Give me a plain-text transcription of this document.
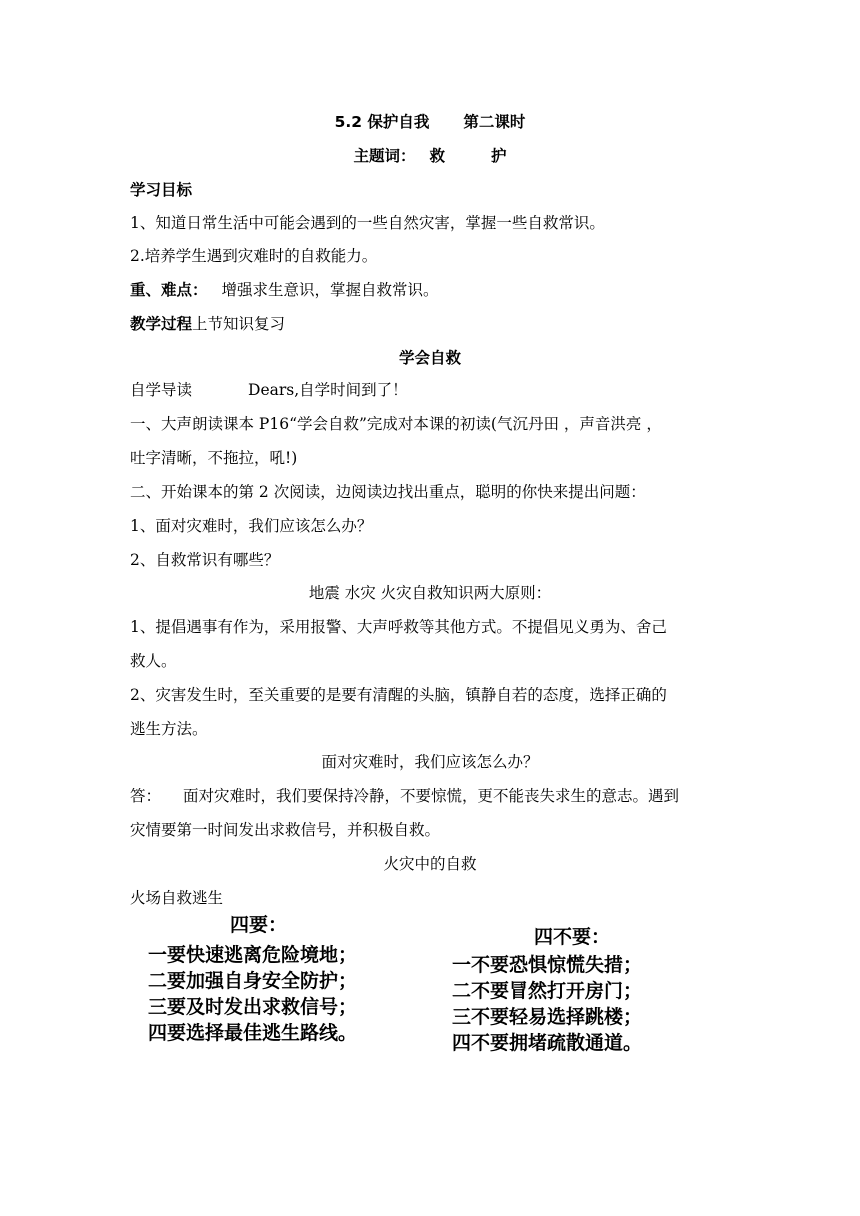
5.2 保护自我 第二课时
主题词： 救	护
学习目标
1、知道日常生活中可能会遇到的一些自然灾害，掌握一些自救常识。
2.培养学生遇到灾难时的自救能力。
重、难点： 增强求生意识，掌握自救常识。
教学过程上节知识复习
学会自救
自学导读	Dears,自学时间到了！
一、大声朗读课本 P16“学会自救”完成对本课的初读(气沉丹田 ，声音洪亮 ，
吐字清晰，不拖拉，吼!)
二、开始课本的第 2 次阅读，边阅读边找出重点，聪明的你快来提出问题：
1、面对灾难时，我们应该怎么办？
2、自救常识有哪些？
地震 水灾 火灾自救知识两大原则：
1、提倡遇事有作为，采用报警、大声呼救等其他方式。不提倡见义勇为、舍己
救人。
2、灾害发生时，至关重要的是要有清醒的头脑，镇静自若的态度，选择正确的
逃生方法。
面对灾难时，我们应该怎么办？
答： 面对灾难时，我们要保持冷静，不要惊慌，更不能丧失求生的意志。遇到
灾情要第一时间发出求救信号，并积极自救。
火灾中的自救
火场自救逃生
四要：
一要快速逃离危险境地；
二要加强自身安全防护；
三要及时发出求救信号；
四要选择最佳逃生路线。
四不要：
一不要恐惧惊慌失措；
二不要冒然打开房门；
三不要轻易选择跳楼；
四不要拥堵疏散通道。
